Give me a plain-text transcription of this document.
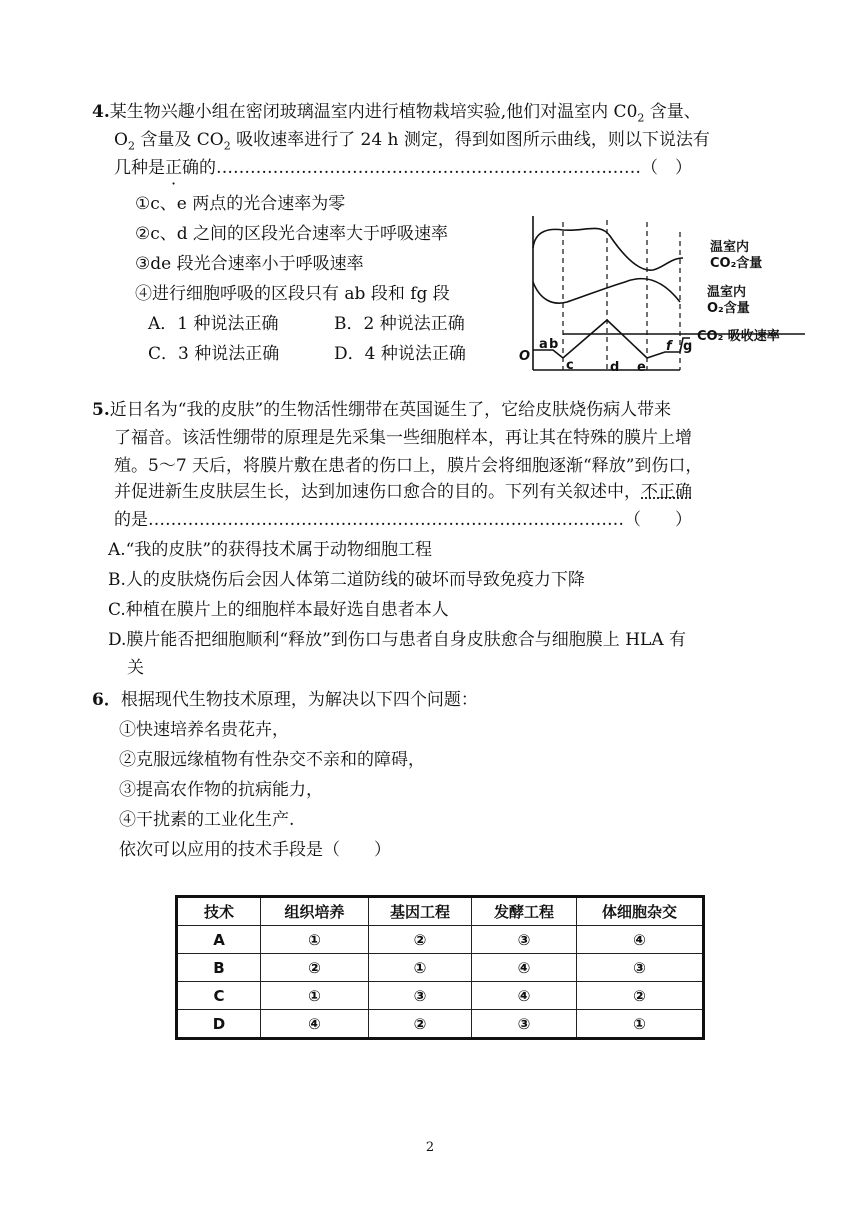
4.某生物兴趣小组在密闭玻璃温室内进行植物栽培实验,他们对温室内 $C0_2$ 含量、
$O_2$ 含量及 $CO_2$ 吸收速率进行了 24 h 测定，得到如图所示曲线，则以下说法有
几种是正确的…………………………………………………………………（　）
①c、e 两点的光合速率为零
②c、d 之间的区段光合速率大于呼吸速率
③de 段光合速率小于呼吸速率
④进行细胞呼吸的区段只有 ab 段和 fg 段
A．1 种说法正确	B．2 种说法正确
C．3 种说法正确	D．4 种说法正确
温室内
CO₂含量
温室内
O₂含量
CO₂ 吸收速率
O
a b
c	d e
f g
5.近日名为“我的皮肤”的生物活性绷带在英国诞生了，它给皮肤烧伤病人带来
了福音。该活性绷带的原理是先采集一些细胞样本，再让其在特殊的膜片上增
殖。5～7 天后，将膜片敷在患者的伤口上，膜片会将细胞逐渐“释放”到伤口，
并促进新生皮肤层生长，达到加速伤口愈合的目的。下列有关叙述中，不正确
的是…………………………………………………………………………（　　）
A.“我的皮肤”的获得技术属于动物细胞工程
B.人的皮肤烧伤后会因人体第二道防线的破坏而导致免疫力下降
C.种植在膜片上的细胞样本最好选自患者本人
D.膜片能否把细胞顺利“释放”到伤口与患者自身皮肤愈合与细胞膜上 HLA 有
关
6．根据现代生物技术原理，为解决以下四个问题：
①快速培养名贵花卉，
②克服远缘植物有性杂交不亲和的障碍，
③提高农作物的抗病能力，
④干扰素的工业化生产.
依次可以应用的技术手段是（　　）
技术	组织培养	基因工程	发酵工程	体细胞杂交
A	①	②	③	④
B	②	①	④	③
C	①	③	④	②
D	④	②	③	①
2
